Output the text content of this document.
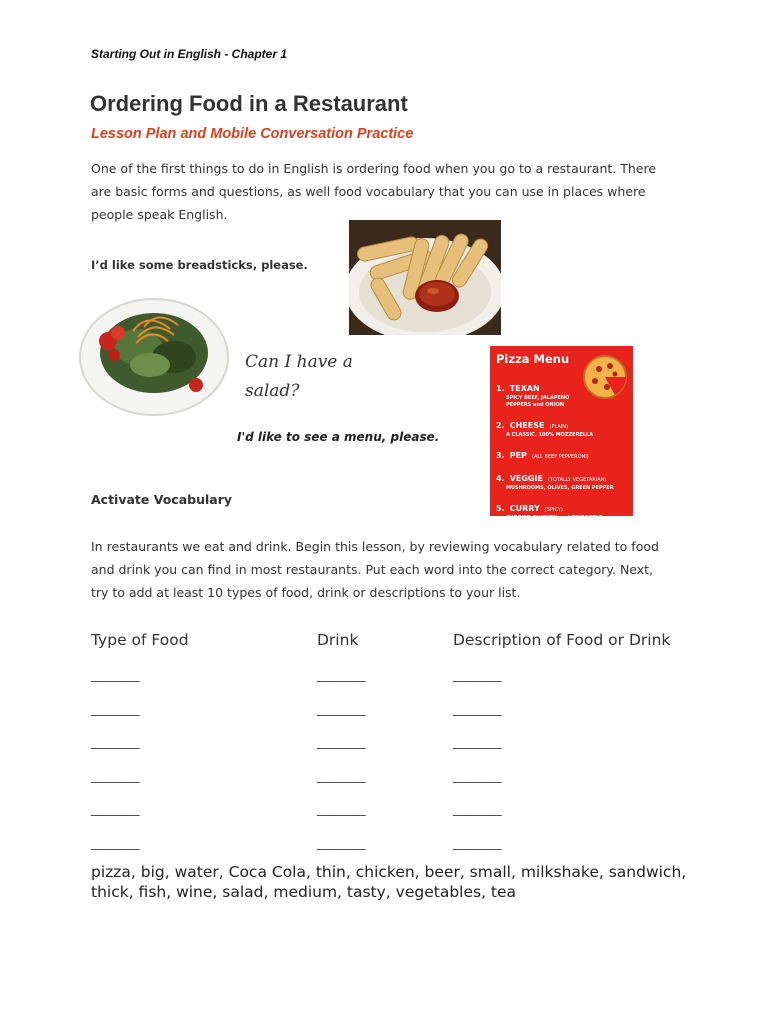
Starting Out in English - Chapter 1
Ordering Food in a Restaurant
Lesson Plan and Mobile Conversation Practice
One of the first things to do in English is ordering food when you go to a restaurant. There
are basic forms and questions, as well food vocabulary that you can use in places where
people speak English.
I’d like some breadsticks, please.
Can I have a
salad?
I'd like to see a menu, please.
Pizza Menu
1. TEXAN
SPICY BEEF, JALAPENO
PEPPERS and ONION
2. CHEESE (PLAIN)
A CLASSIC. 100% MOZZERELLA
3. PEP (ALL BEEF PEPPERONI)
4. VEGGIE (TOTALLY VEGETARIAN)
MUSHROOMS, OLIVES, GREEN PEPPER
5. CURRY (SPICY)
CURRIED CHICKEN and PINEAPPLE
Activate Vocabulary
In restaurants we eat and drink. Begin this lesson, by reviewing vocabulary related to food
and drink you can find in most restaurants. Put each word into the correct category. Next,
try to add at least 10 types of food, drink or descriptions to your list.
Type of Food	Drink	Description of Food or Drink
________	________	________
________	________	________
________	________	________
________	________	________
________	________	________
________	________	________
pizza, big, water, Coca Cola, thin, chicken, beer, small, milkshake, sandwich,
thick, fish, wine, salad, medium, tasty, vegetables, tea
